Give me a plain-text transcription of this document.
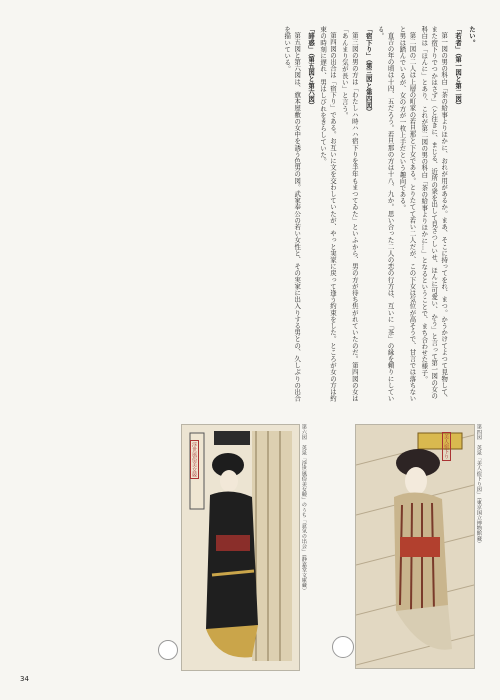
たい。

「若者」（第一図と第二図）

第一図の男の科白「茶の給事よりほかに、おれが用があるか。まあ、そこに持ってをれ、まつ。かうかけてよつて見物して、また宿下りでつかはさず」（と往きに、まじる、近所の衆を出して見さつしいせ、ほんに可愛い、かう」と言って第一図の女の科白は「ほんに」とあり、これが第二図の男の科白「茶の給事よりほかに…」となるということで、まち合わせた様子。

第二図の二人は上層の町家の若旦那と下女である。とりたてて若い二人だが、この下女は気位が高そうで、甘言では落ちないと男は踏んでいるが、女の方が一枚上手だという趣向である。

直吉の年の頃は十四、五だろう。若旦那の方は十八、九か。思い合った二人の恋の行方は、互いに「茶」の縁を頼りにしている。

「宿下り」（第三図と第四図）

第三図の男の方は「わたしハ時ハハ宿下りを半年もまつてゐた」といふから、男の方が待ち焦がれていたのだ。第四図の女は「あんまり気が長い」と言う。

第四図の出合は「宿下り」である。お互いに文を交わしていたが、やっと実家に戻って逢う約束をした。ところが女の方は約束の時刻に遅れ、男はしびれをきらしていた。

「誹惑」（第五図と第六図）

第五図と第六図は、旗本屋敷の女中を誘う色男の図。武家奉公の若い女性と、その実家に出入りする男との、久しぶりの出合を描いている。

美人宿下り	第四図　英泉「美人宿下り図」（東京国立博物館蔵）
浮世風俗美女競	第六図　英泉「浮世風俗美女競」のうち「意気の出会」（静嘉堂文庫蔵）
34
